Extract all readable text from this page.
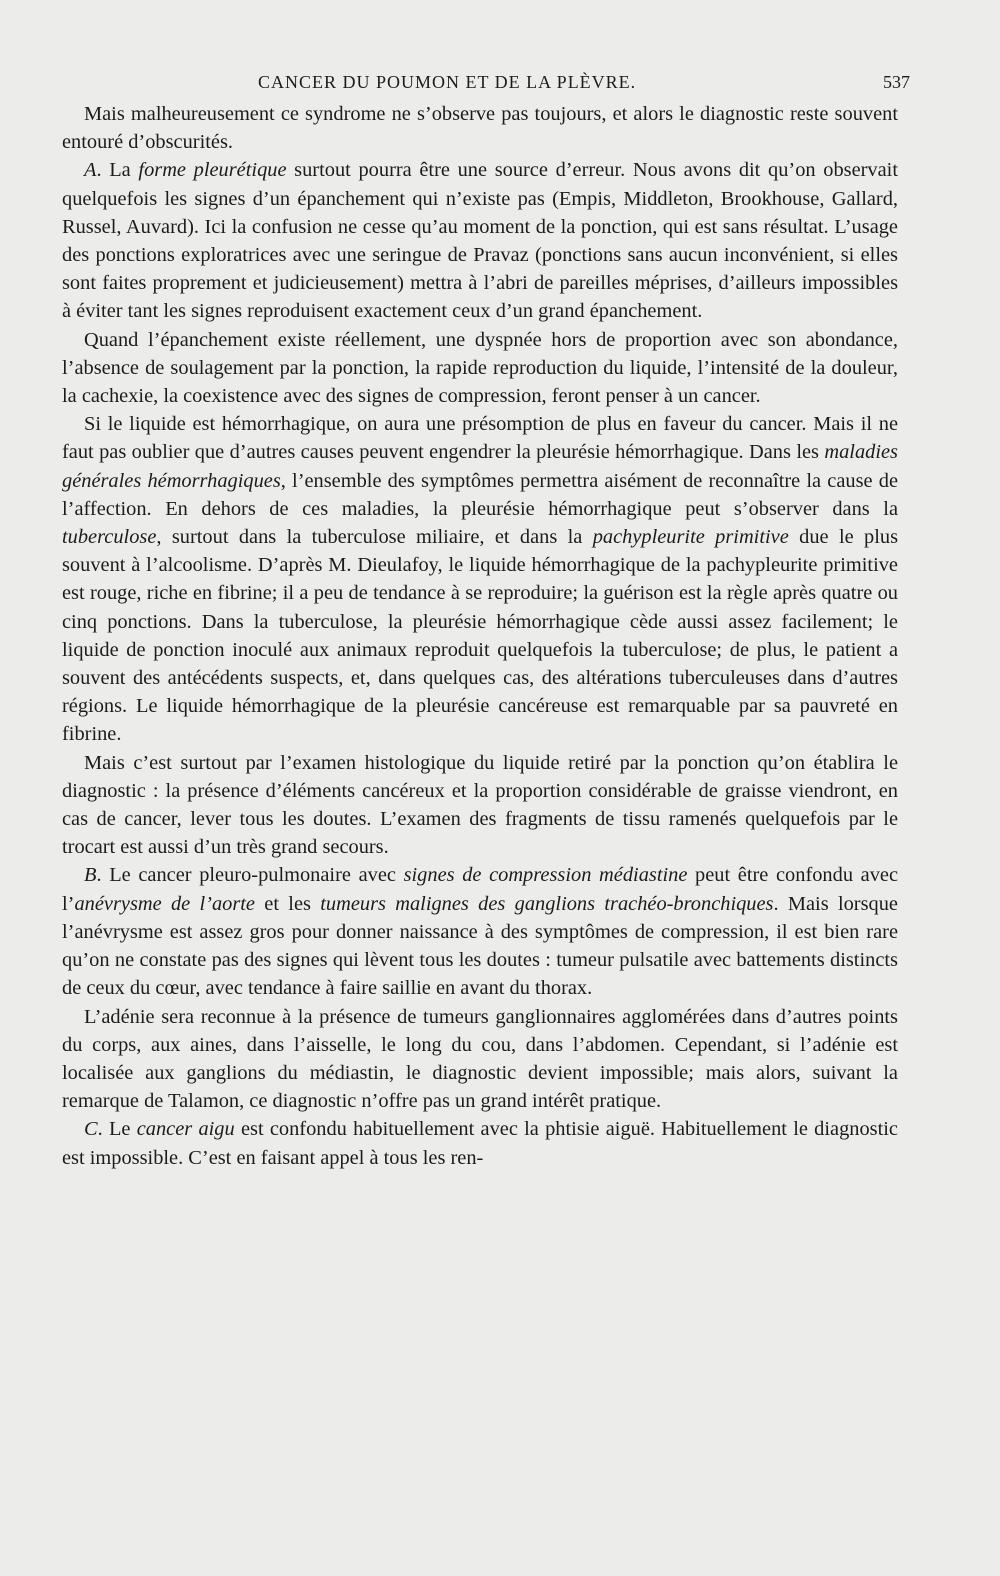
CANCER DU POUMON ET DE LA PLÈVRE.	537

Mais malheureusement ce syndrome ne s’observe pas toujours, et alors le diagnostic reste souvent entouré d’obscurités.

A. La forme pleurétique surtout pourra être une source d’erreur. Nous avons dit qu’on observait quelquefois les signes d’un épanchement qui n’existe pas (Empis, Middleton, Brookhouse, Gallard, Russel, Auvard). Ici la confusion ne cesse qu’au moment de la ponction, qui est sans résultat. L’usage des ponctions exploratrices avec une seringue de Pravaz (ponctions sans aucun inconvénient, si elles sont faites proprement et judicieusement) mettra à l’abri de pareilles méprises, d’ailleurs impossibles à éviter tant les signes reproduisent exactement ceux d’un grand épanchement.

Quand l’épanchement existe réellement, une dyspnée hors de proportion avec son abondance, l’absence de soulagement par la ponction, la rapide reproduction du liquide, l’intensité de la douleur, la cachexie, la coexistence avec des signes de compression, feront penser à un cancer.

Si le liquide est hémorrhagique, on aura une présomption de plus en faveur du cancer. Mais il ne faut pas oublier que d’autres causes peuvent engendrer la pleurésie hémorrhagique. Dans les maladies générales hémorrhagiques, l’ensemble des symptômes permettra aisément de reconnaître la cause de l’affection. En dehors de ces maladies, la pleurésie hémorrhagique peut s’observer dans la tuberculose, surtout dans la tuberculose miliaire, et dans la pachypleurite primitive due le plus souvent à l’alcoolisme. D’après M. Dieulafoy, le liquide hémorrhagique de la pachypleurite primitive est rouge, riche en fibrine; il a peu de tendance à se reproduire; la guérison est la règle après quatre ou cinq ponctions. Dans la tuberculose, la pleurésie hémorrhagique cède aussi assez facilement; le liquide de ponction inoculé aux animaux reproduit quelquefois la tuberculose; de plus, le patient a souvent des antécédents suspects, et, dans quelques cas, des altérations tuberculeuses dans d’autres régions. Le liquide hémorrhagique de la pleurésie cancéreuse est remarquable par sa pauvreté en fibrine.

Mais c’est surtout par l’examen histologique du liquide retiré par la ponction qu’on établira le diagnostic : la présence d’éléments cancéreux et la proportion considérable de graisse viendront, en cas de cancer, lever tous les doutes. L’examen des fragments de tissu ramenés quelquefois par le trocart est aussi d’un très grand secours.

B. Le cancer pleuro-pulmonaire avec signes de compression médiastine peut être confondu avec l’anévrysme de l’aorte et les tumeurs malignes des ganglions trachéo-bronchiques. Mais lorsque l’anévrysme est assez gros pour donner naissance à des symptômes de compression, il est bien rare qu’on ne constate pas des signes qui lèvent tous les doutes : tumeur pulsatile avec battements distincts de ceux du cœur, avec tendance à faire saillie en avant du thorax.

L’adénie sera reconnue à la présence de tumeurs ganglionnaires agglomérées dans d’autres points du corps, aux aines, dans l’aisselle, le long du cou, dans l’abdomen. Cependant, si l’adénie est localisée aux ganglions du médiastin, le diagnostic devient impossible; mais alors, suivant la remarque de Talamon, ce diagnostic n’offre pas un grand intérêt pratique.

C. Le cancer aigu est confondu habituellement avec la phtisie aiguë. Habituellement le diagnostic est impossible. C’est en faisant appel à tous les ren-
